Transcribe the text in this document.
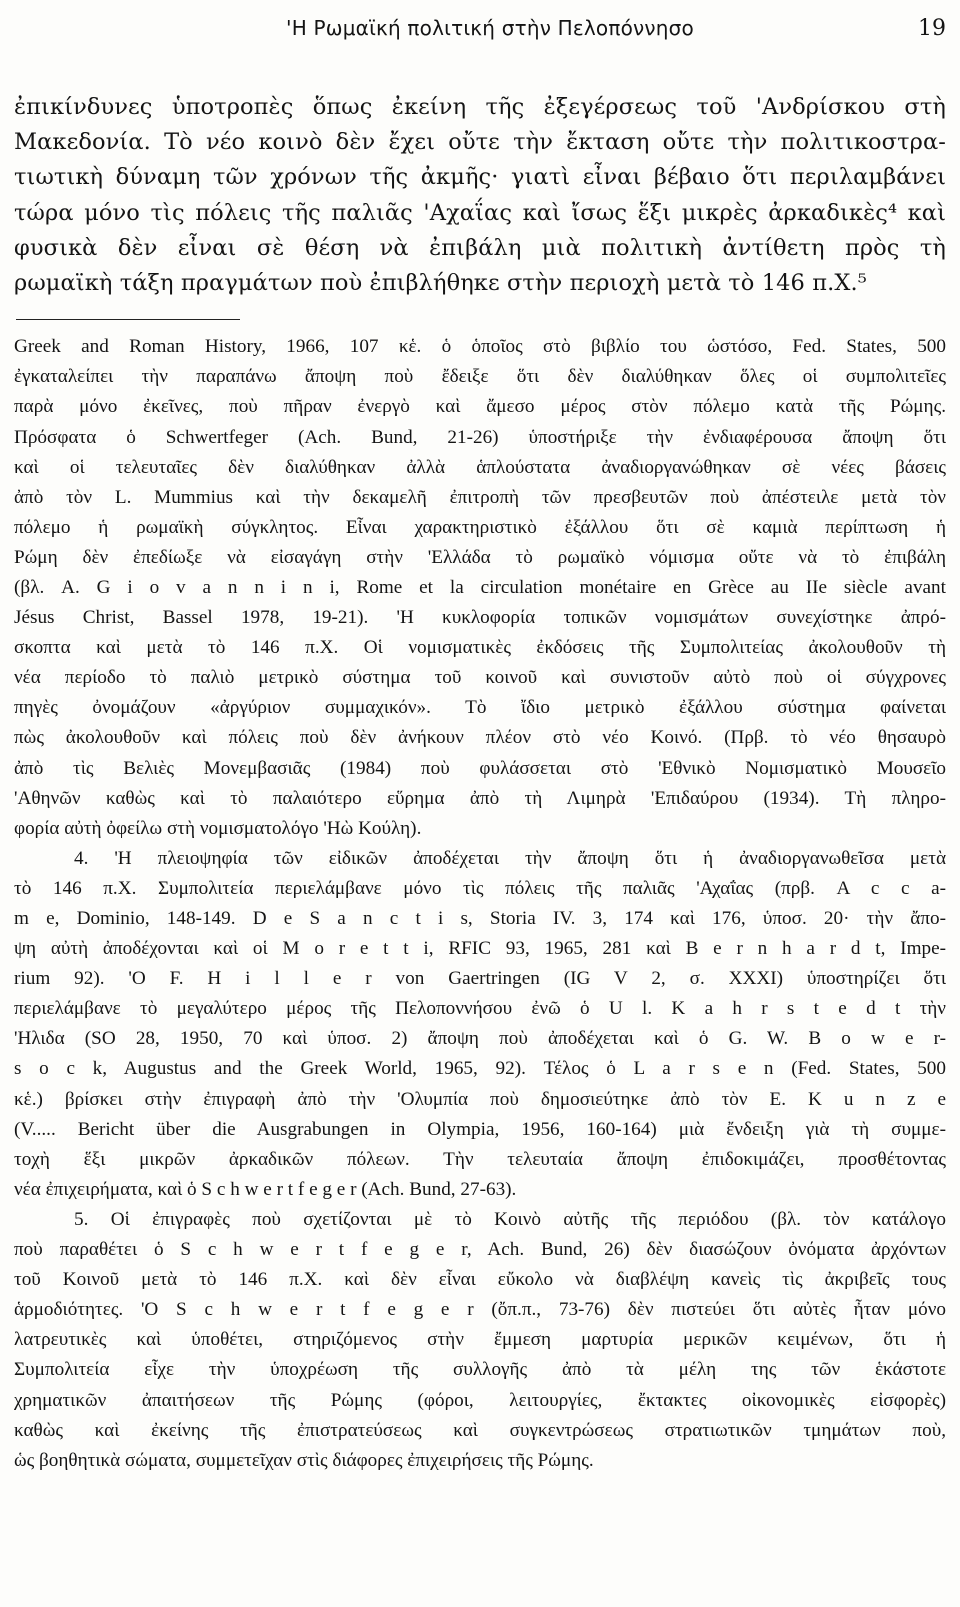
'Η Ρωμαϊκή πολιτική στὴν Πελοπόννησο	19
ἐπικίνδυνες ὑποτροπὲς ὅπως ἐκείνη τῆς ἐξεγέρσεως τοῦ 'Ανδρίσκου στὴ
Μακεδονία. Τὸ νέο κοινὸ δὲν ἔχει οὔτε τὴν ἔκταση οὔτε τὴν πολιτικοστρα-
τιωτικὴ δύναμη τῶν χρόνων τῆς ἀκμῆς· γιατὶ εἶναι βέβαιο ὅτι περιλαμβάνει
τώρα μόνο τὶς πόλεις τῆς παλιᾶς 'Αχαΐας καὶ ἴσως ἕξι μικρὲς ἀρκαδικὲς⁴ καὶ
φυσικὰ δὲν εἶναι σὲ θέση νὰ ἐπιβάλη μιὰ πολιτικὴ ἀντίθετη πρὸς τὴ
ρωμαϊκὴ τάξη πραγμάτων ποὺ ἐπιβλήθηκε στὴν περιοχὴ μετὰ τὸ 146 π.Χ.⁵
Greek and Roman History, 1966, 107 κἑ. ὁ ὁποῖος στὸ βιβλίο του ὡστόσο, Fed. States, 500
ἐγκαταλείπει τὴν παραπάνω ἄποψη ποὺ ἔδειξε ὅτι δὲν διαλύθηκαν ὅλες οἱ συμπολιτεῖες
παρὰ μόνο ἐκεῖνες, ποὺ πῆραν ἐνεργὸ καὶ ἄμεσο μέρος στὸν πόλεμο κατὰ τῆς Ρώμης.
Πρόσφατα ὁ Schwertfeger (Ach. Bund, 21-26) ὑποστήριξε τὴν ἐνδιαφέρουσα ἄποψη ὅτι
καὶ οἱ τελευταῖες δὲν διαλύθηκαν ἀλλὰ ἁπλούστατα ἀναδιοργανώθηκαν σὲ νέες βάσεις
ἀπὸ τὸν L. Mummius καὶ τὴν δεκαμελῆ ἐπιτροπὴ τῶν πρεσβευτῶν ποὺ ἀπέστειλε μετὰ τὸν
πόλεμο ἡ ρωμαϊκὴ σύγκλητος. Εἶναι χαρακτηριστικὸ ἐξάλλου ὅτι σὲ καμιὰ περίπτωση ἡ
Ρώμη δὲν ἐπεδίωξε νὰ εἰσαγάγη στὴν 'Ελλάδα τὸ ρωμαϊκὸ νόμισμα οὔτε νὰ τὸ ἐπιβάλη
(βλ. A. G i o v a n n i n i, Rome et la circulation monétaire en Grèce au IIe siècle avant
Jésus Christ, Bassel 1978, 19-21). 'Η κυκλοφορία τοπικῶν νομισμάτων συνεχίστηκε ἀπρό-
σκοπτα καὶ μετὰ τὸ 146 π.Χ. Οἱ νομισματικὲς ἐκδόσεις τῆς Συμπολιτείας ἀκολουθοῦν τὴ
νέα περίοδο τὸ παλιὸ μετρικὸ σύστημα τοῦ κοινοῦ καὶ συνιστοῦν αὐτὸ ποὺ οἱ σύγχρονες
πηγὲς ὀνομάζουν «ἀργύριον συμμαχικόν». Τὸ ἴδιο μετρικὸ ἐξάλλου σύστημα φαίνεται
πὼς ἀκολουθοῦν καὶ πόλεις ποὺ δὲν ἀνήκουν πλέον στὸ νέο Κοινό. (Πρβ. τὸ νέο θησαυρὸ
ἀπὸ τὶς Βελιὲς Μονεμβασιᾶς (1984) ποὺ φυλάσσεται στὸ 'Εθνικὸ Νομισματικὸ Μουσεῖο
'Αθηνῶν καθὼς καὶ τὸ παλαιότερο εὕρημα ἀπὸ τὴ Λιμηρὰ 'Επιδαύρου (1934). Τὴ πληρο-
φορία αὐτὴ ὀφείλω στὴ νομισματολόγο 'Ηὼ Κούλη).
4. 'Η πλειοψηφία τῶν εἰδικῶν ἀποδέχεται τὴν ἄποψη ὅτι ἡ ἀναδιοργανωθεῖσα μετὰ
τὸ 146 π.Χ. Συμπολιτεία περιελάμβανε μόνο τὶς πόλεις τῆς παλιᾶς 'Αχαΐας (πρβ. A c c a-
m e, Dominio, 148-149. D e S a n c t i s, Storia IV. 3, 174 καὶ 176, ὑποσ. 20· τὴν ἄπο-
ψη αὐτὴ ἀποδέχονται καὶ οἱ M o r e t t i, RFIC 93, 1965, 281 καὶ B e r n h a r d t, Impe-
rium 92). 'O F. H i l l e r von Gaertringen (IG V 2, σ. XXXI) ὑποστηρίζει ὅτι
περιελάμβανε τὸ μεγαλύτερο μέρος τῆς Πελοποννήσου ἐνῶ ὁ U l. K a h r s t e d t τὴν
'Ηλιδα (SO 28, 1950, 70 καὶ ὑποσ. 2) ἄποψη ποὺ ἀποδέχεται καὶ ὁ G. W. B o w e r-
s o c k, Augustus and the Greek World, 1965, 92). Τέλος ὁ L a r s e n (Fed. States, 500
κἑ.) βρίσκει στὴν ἐπιγραφὴ ἀπὸ τὴν 'Ολυμπία ποὺ δημοσιεύτηκε ἀπὸ τὸν E. K u n z e
(V..... Bericht über die Ausgrabungen in Olympia, 1956, 160-164) μιὰ ἔνδειξη γιὰ τὴ συμμε-
τοχὴ ἕξι μικρῶν ἀρκαδικῶν πόλεων. Τὴν τελευταία ἄποψη ἐπιδοκιμάζει, προσθέτοντας
νέα ἐπιχειρήματα, καὶ ὁ S c h w e r t f e g e r (Ach. Bund, 27-63).
5. Οἱ ἐπιγραφὲς ποὺ σχετίζονται μὲ τὸ Κοινὸ αὐτῆς τῆς περιόδου (βλ. τὸν κατάλογο
ποὺ παραθέτει ὁ S c h w e r t f e g e r, Ach. Bund, 26) δὲν διασώζουν ὀνόματα ἀρχόντων
τοῦ Κοινοῦ μετὰ τὸ 146 π.Χ. καὶ δὲν εἶναι εὔκολο νὰ διαβλέψη κανεὶς τὶς ἀκριβεῖς τους
ἁρμοδιότητες. 'O S c h w e r t f e g e r (ὄπ.π., 73-76) δὲν πιστεύει ὅτι αὐτὲς ἦταν μόνο
λατρευτικὲς καὶ ὑποθέτει, στηριζόμενος στὴν ἔμμεση μαρτυρία μερικῶν κειμένων, ὅτι ἡ
Συμπολιτεία εἶχε τὴν ὑποχρέωση τῆς συλλογῆς ἀπὸ τὰ μέλη της τῶν ἑκάστοτε
χρηματικῶν ἀπαιτήσεων τῆς Ρώμης (φόροι, λειτουργίες, ἔκτακτες οἰκονομικὲς εἰσφορὲς)
καθὼς καὶ ἐκείνης τῆς ἐπιστρατεύσεως καὶ συγκεντρώσεως στρατιωτικῶν τμημάτων ποὺ,
ὡς βοηθητικὰ σώματα, συμμετεῖχαν στὶς διάφορες ἐπιχειρήσεις τῆς Ρώμης.
